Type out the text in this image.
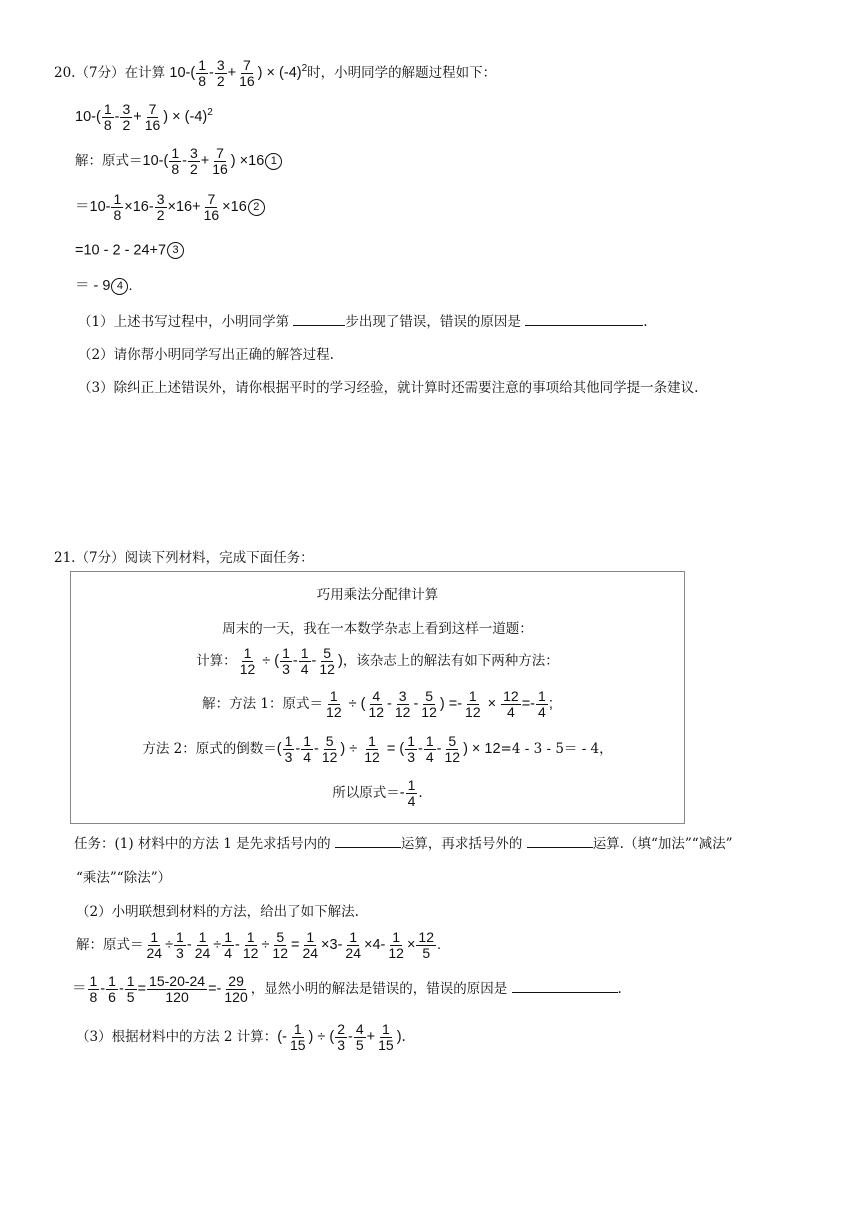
20.（7分）在计算 $10-( \frac{1}{8} - \frac{3}{2} + \frac{7}{16}$ ) × $(-4)^2$时，小明同学的解题过程如下：
$10-( \frac{1}{8} - \frac{3}{2} + \frac{7}{16}$ ) × $(-4)^2$
解：原式$=10-( \frac{1}{8} - \frac{3}{2} + \frac{7}{16}$ ) ×16 1
$=10- \frac{1}{8} \times 16- \frac{3}{2} \times 16+ \frac{7}{16} \times 16$ 2
=10 - 2 - 24+7 3
＝ - 9 4 .
（1）上述书写过程中，小明同学第	步出现了错误，错误的原因是	.
（2）请你帮小明同学写出正确的解答过程.
（3）除纠正上述错误外，请你根据平时的学习经验，就计算时还需要注意的事项给其他同学提一条建议.
21.（7分）阅读下列材料，完成下面任务：
巧用乘法分配律计算
周末的一天，我在一本数学杂志上看到这样一道题：
计算： $\frac{1}{12}$ ÷ ( $\frac{1}{3} - \frac{1}{4} - \frac{5}{12}$ )，该杂志上的解法有如下两种方法：
解：方法 1：原式＝ $\frac{1}{12}$ ÷ ( $\frac{4}{12} - \frac{3}{12} - \frac{5}{12}$ ) =- $\frac{1}{12} \times \frac{12}{4} =- \frac{1}{4}$ ;
方法 2：原式的倒数＝( $\frac{1}{3} - \frac{1}{4} - \frac{5}{12}$ ) ÷ $\frac{1}{12}$ = ( $\frac{1}{3} - \frac{1}{4} - \frac{5}{12}$ ) × 12=4 - 3 - 5＝ - 4，
所以原式＝- $\frac{1}{4}$ .
任务：(1) 材料中的方法 1 是先求括号内的	运算，再求括号外的	运算.（填“加法”“减法”
“乘法”“除法”）
（2）小明联想到材料的方法，给出了如下解法.
解：原式＝ $\frac{1}{24} \div \frac{1}{3} - \frac{1}{24} \div \frac{1}{4} - \frac{1}{12} \div \frac{5}{12} = \frac{1}{24} \times 3- \frac{1}{24} \times 4- \frac{1}{12} \times \frac{12}{5}$ .
＝ $\frac{1}{8} - \frac{1}{6} - \frac{1}{5} = \frac{15-20-24}{120} =- \frac{29}{120}$ ，显然小明的解法是错误的，错误的原因是	.
（3）根据材料中的方法 2 计算：(- $\frac{1}{15}$ ) ÷ ( $\frac{2}{3} - \frac{4}{5} + \frac{1}{15}$ ).
